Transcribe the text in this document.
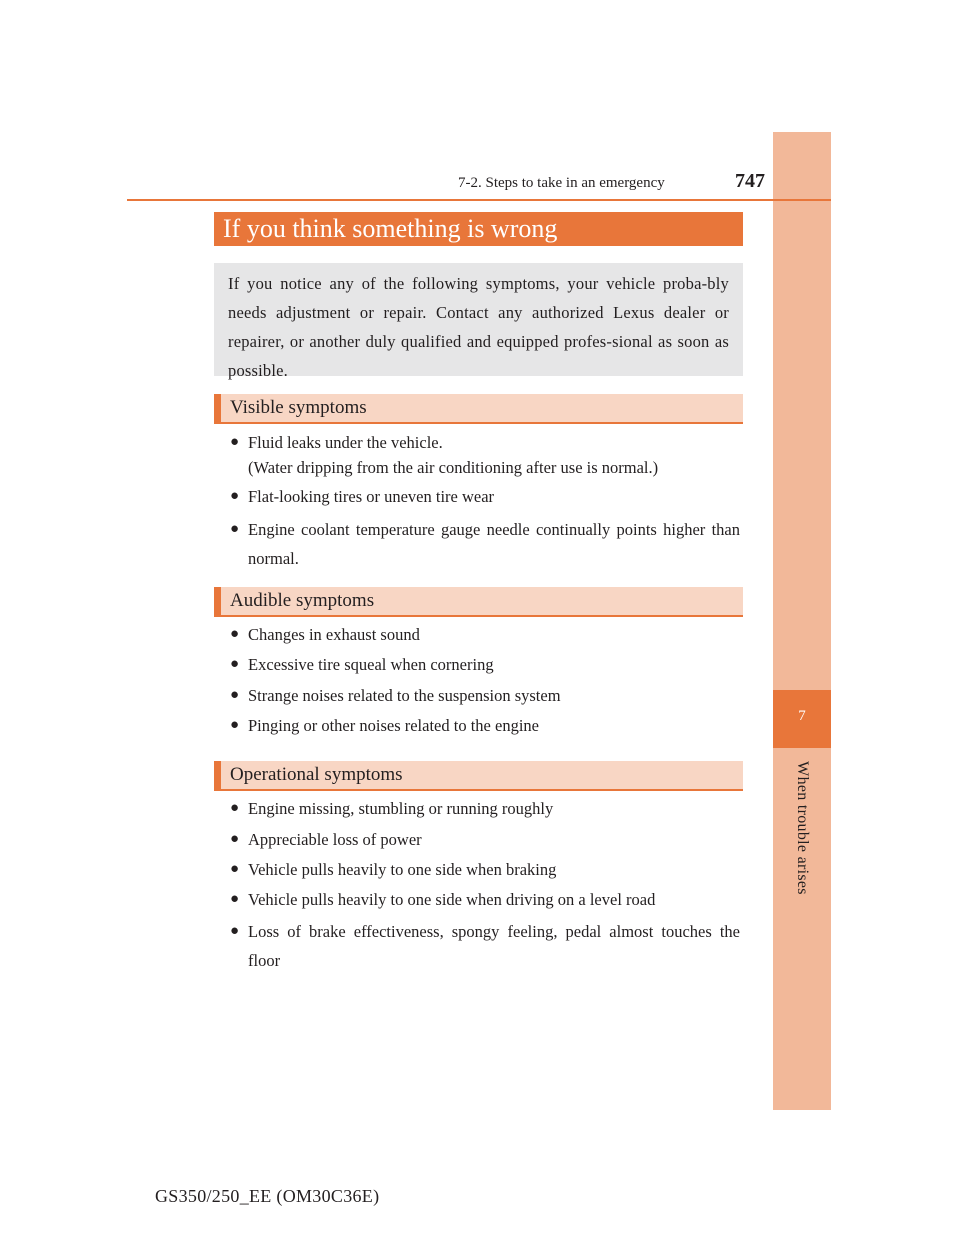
7
When trouble arises
7-2. Steps to take in an emergency	747
If you think something is wrong
If you notice any of the following symptoms, your vehicle proba-bly needs adjustment or repair. Contact any authorized Lexus dealer or repairer, or another duly qualified and equipped profes-sional as soon as possible.
Visible symptoms
● Fluid leaks under the vehicle.
(Water dripping from the air conditioning after use is normal.)
● Flat-looking tires or uneven tire wear
● Engine coolant temperature gauge needle continually points higher than normal.
Audible symptoms
● Changes in exhaust sound
● Excessive tire squeal when cornering
● Strange noises related to the suspension system
● Pinging or other noises related to the engine
Operational symptoms
● Engine missing, stumbling or running roughly
● Appreciable loss of power
● Vehicle pulls heavily to one side when braking
● Vehicle pulls heavily to one side when driving on a level road
● Loss of brake effectiveness, spongy feeling, pedal almost touches the floor
GS350/250_EE (OM30C36E)
